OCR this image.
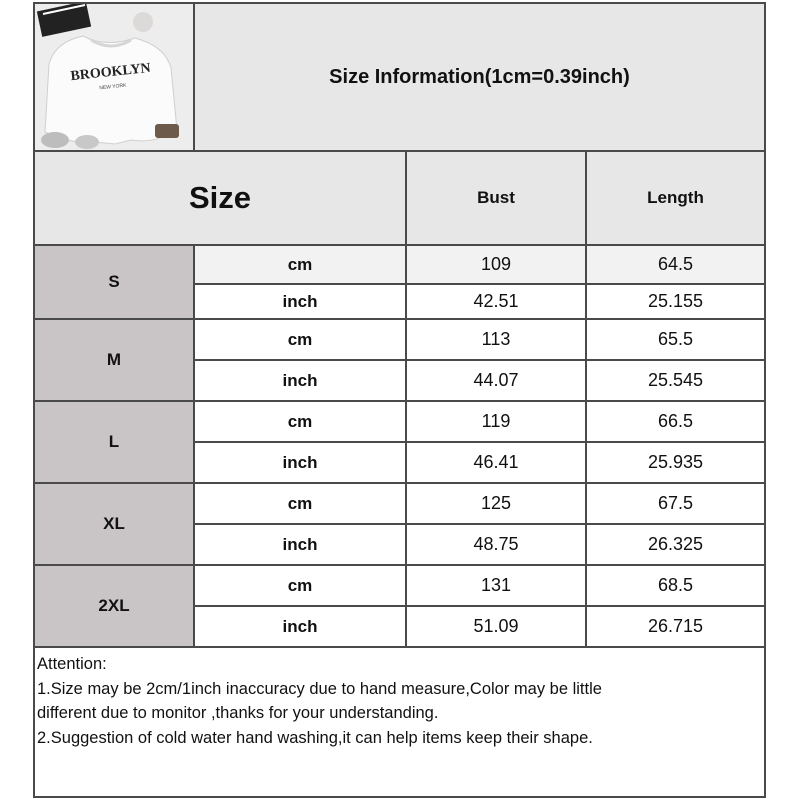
BROOKLYN
NEW YORK	Size Information(1cm=0.39inch)
Size	Bust	Length
S
cm	109	64.5
inch	42.51	25.155
M
cm	113	65.5
inch	44.07	25.545
L
cm	119	66.5
inch	46.41	25.935
XL
cm	125	67.5
inch	48.75	26.325
2XL
cm	131	68.5
inch	51.09	26.715
Attention:
1.Size may be 2cm/1inch inaccuracy due to hand measure,Color may be little
different due to monitor ,thanks for your understanding.
2.Suggestion of cold water hand washing,it can help items keep their shape.
